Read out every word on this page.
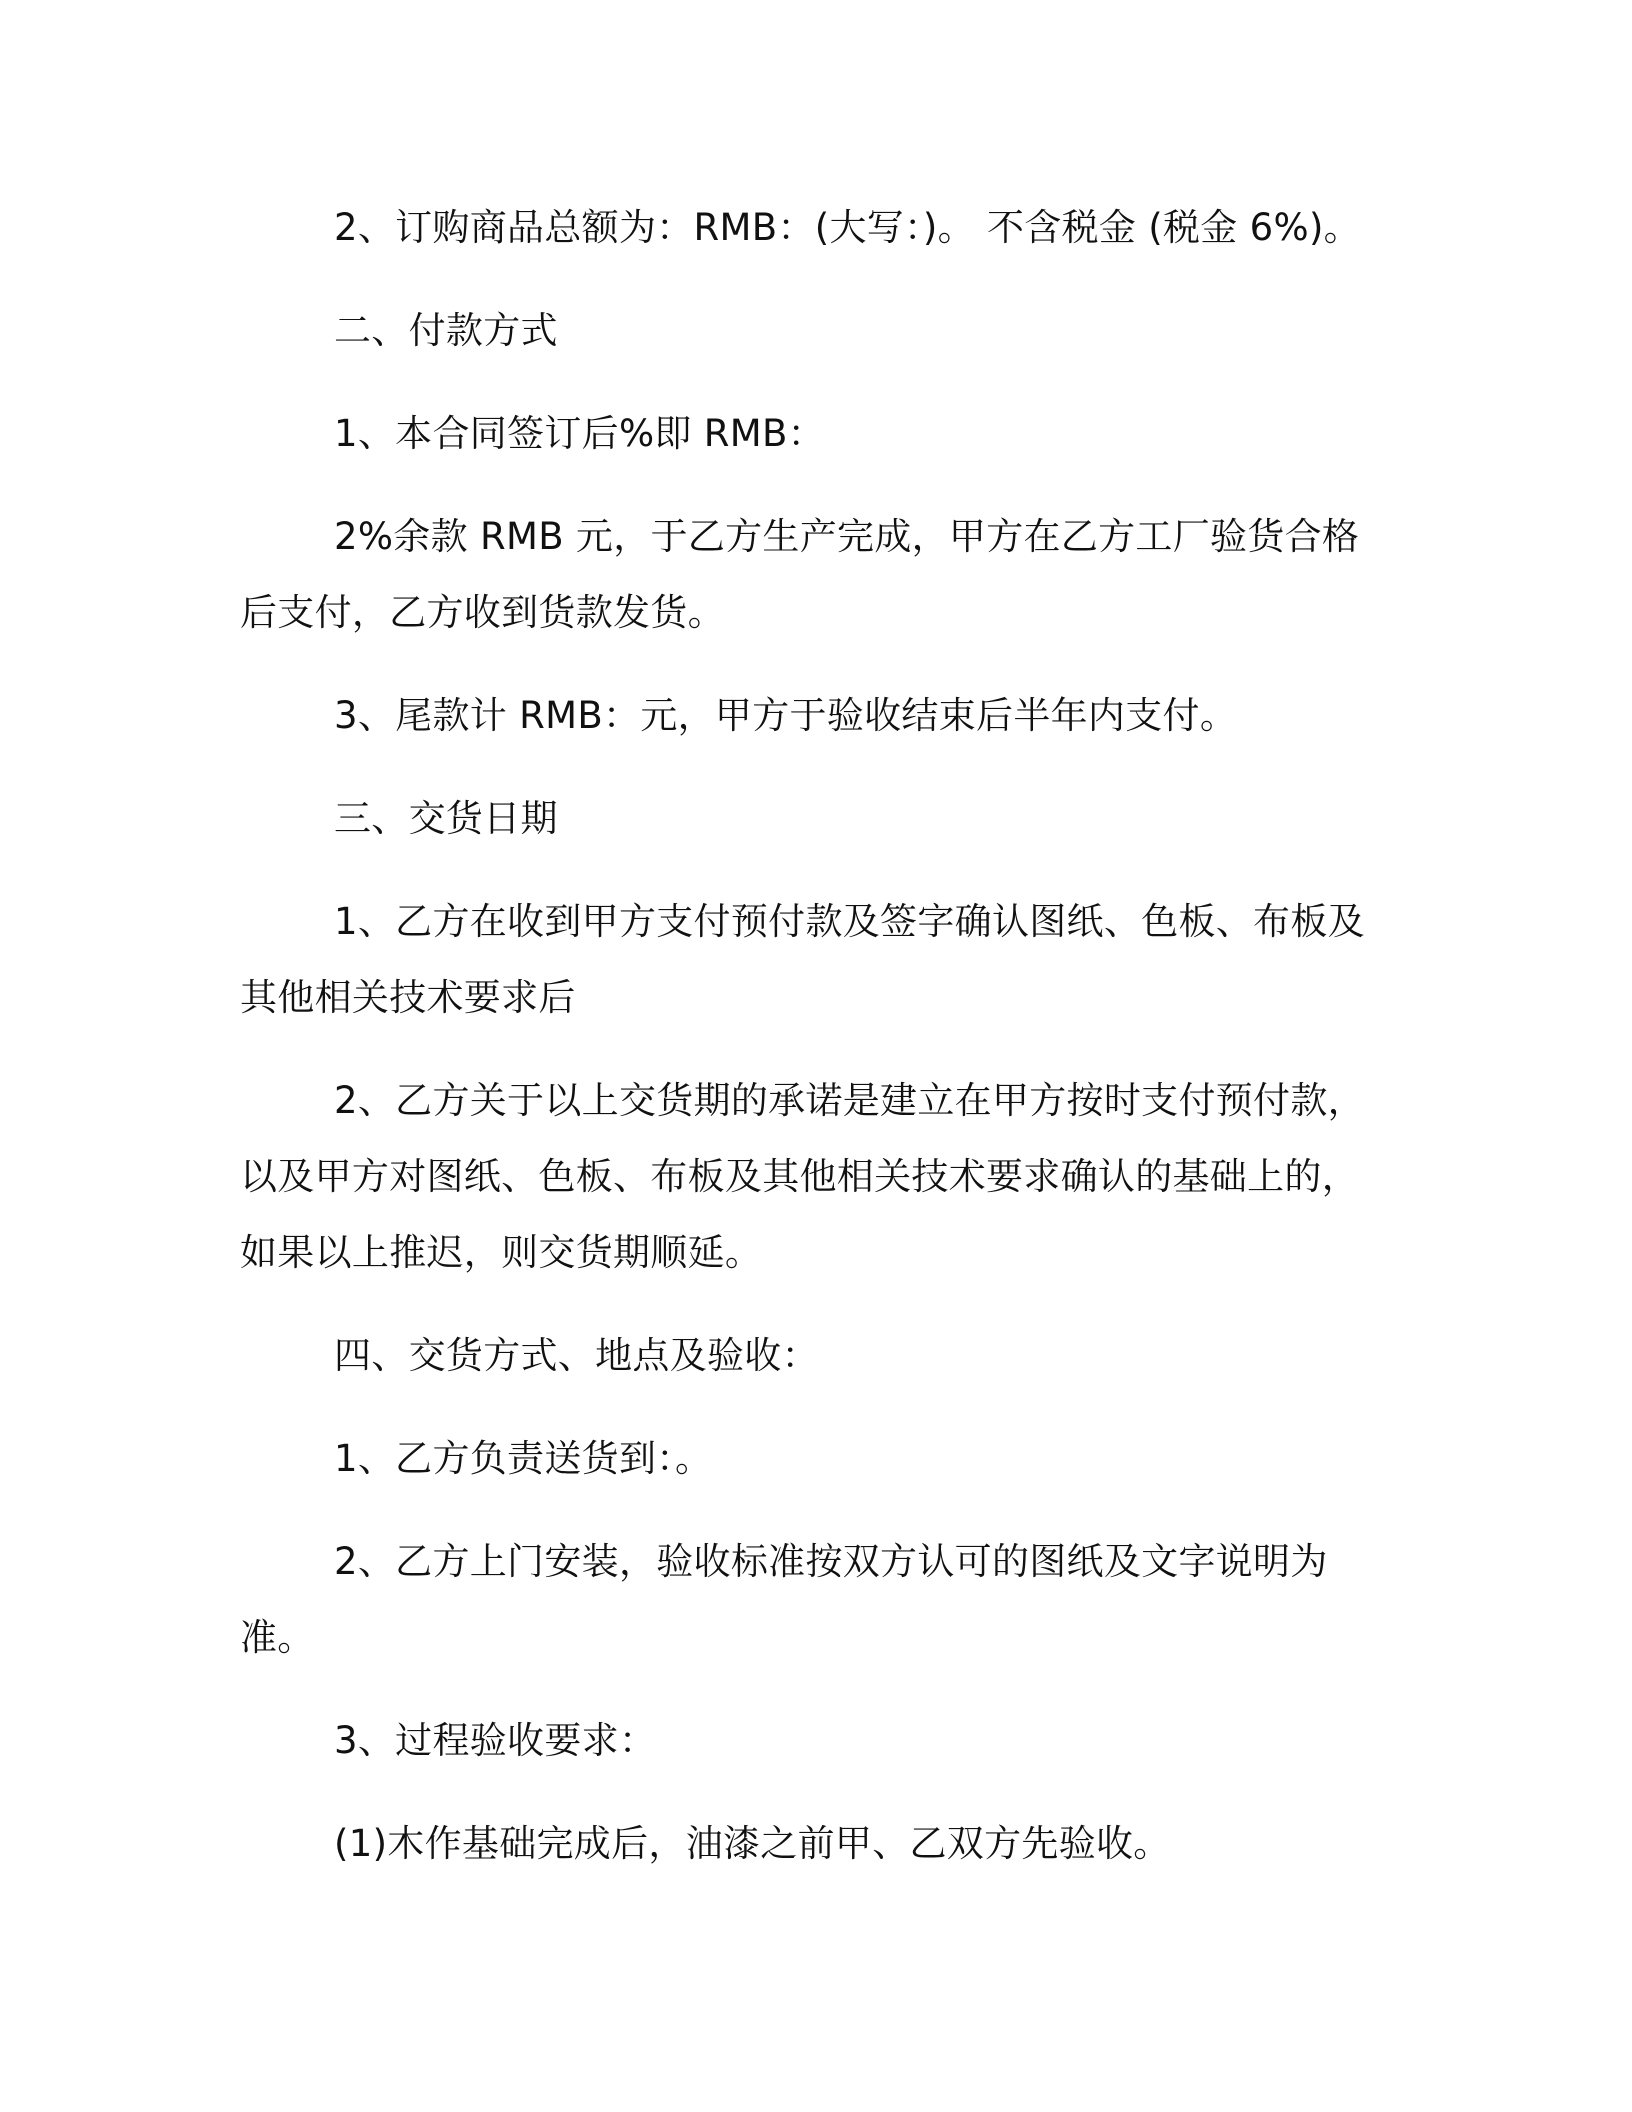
2、订购商品总额为：RMB：(大写：)。 不含税金 (税金 6%)。

二、付款方式

1、本合同签订后%即 RMB：

2%余款 RMB 元，于乙方生产完成，甲方在乙方工厂验货合格后支付，乙方收到货款发货。

3、尾款计 RMB：元，甲方于验收结束后半年内支付。

三、交货日期

1、乙方在收到甲方支付预付款及签字确认图纸、色板、布板及其他相关技术要求后

2、乙方关于以上交货期的承诺是建立在甲方按时支付预付款，以及甲方对图纸、色板、布板及其他相关技术要求确认的基础上的，如果以上推迟，则交货期顺延。

四、交货方式、地点及验收：

1、乙方负责送货到：。

2、乙方上门安装，验收标准按双方认可的图纸及文字说明为准。

3、过程验收要求：

(1)木作基础完成后，油漆之前甲、乙双方先验收。
